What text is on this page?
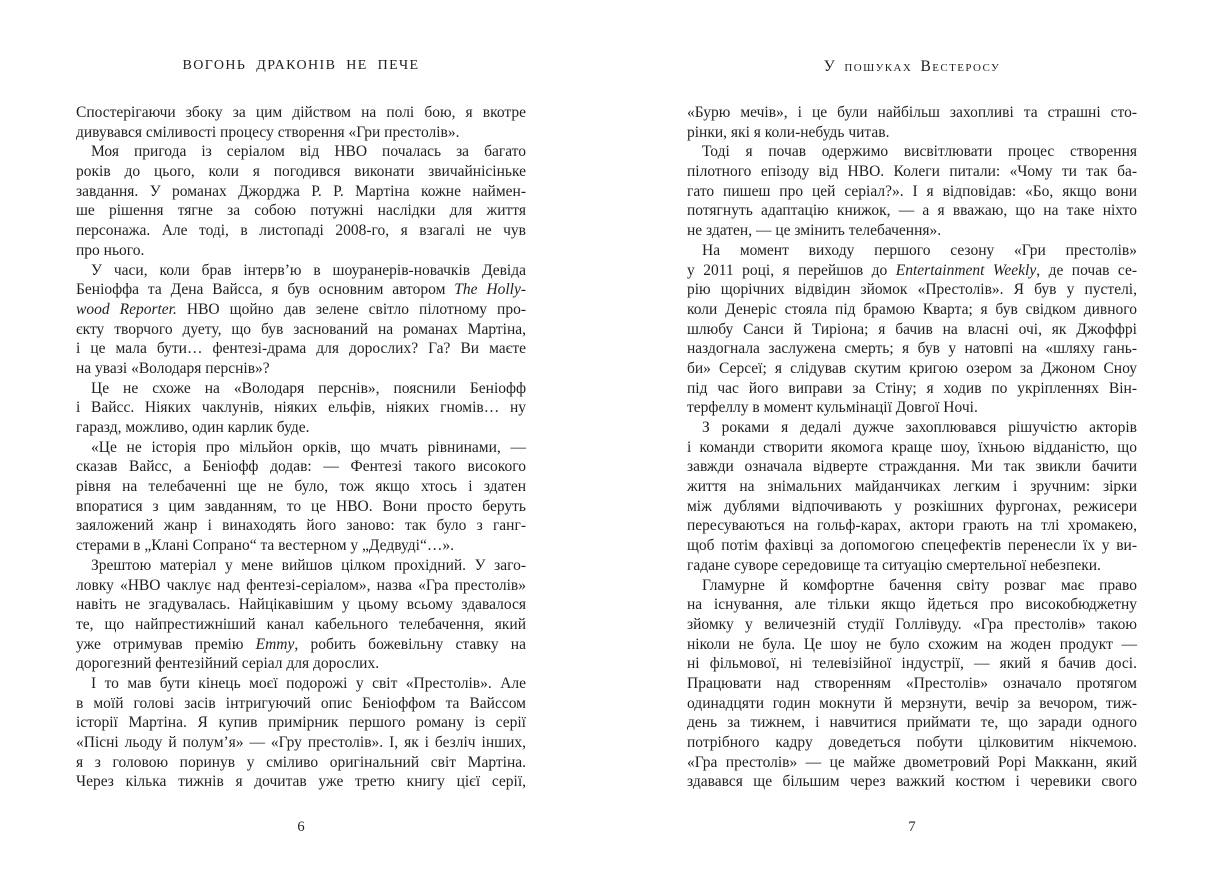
ВОГОНЬ ДРАКОНІВ НЕ ПЕЧЕ
Спостерігаючи збоку за цим дійством на полі бою, я вкотре
дивувався сміливості процесу створення «Гри престолів».
Моя пригода із серіалом від HBO почалась за багато
років до цього, коли я погодився виконати звичайнісіньке
завдання. У романах Джорджа Р. Р. Мартіна кожне наймен-
ше рішення тягне за собою потужні наслідки для життя
персонажа. Але тоді, в листопаді 2008-го, я взагалі не чув
про нього.
У часи, коли брав інтерв’ю в шоуранерів-новачків Девіда
Беніоффа та Дена Вайсса, я був основним автором The Holly-
wood Reporter. HBO щойно дав зелене світло пілотному про-
єкту творчого дуету, що був заснований на романах Мартіна,
і це мала бути… фентезі-драма для дорослих? Га? Ви маєте
на увазі «Володаря перснів»?
Це не схоже на «Володаря перснів», пояснили Беніофф
і Вайсс. Ніяких чаклунів, ніяких ельфів, ніяких гномів… ну
гаразд, можливо, один карлик буде.
«Це не історія про мільйон орків, що мчать рівнинами, —
сказав Вайсс, а Беніофф додав: — Фентезі такого високого
рівня на телебаченні ще не було, тож якщо хтось і здатен
впоратися з цим завданням, то це HBO. Вони просто беруть
заяложений жанр і винаходять його заново: так було з ганг-
стерами в „Клані Сопрано“ та вестерном у „Дедвуді“…».
Зрештою матеріал у мене вийшов цілком прохідний. У заго-
ловку «HBO чаклує над фентезі-серіалом», назва «Гра престолів»
навіть не згадувалась. Найцікавішим у цьому всьому здавалося
те, що найпрестижніший канал кабельного телебачення, який
уже отримував премію Emmy, робить божевільну ставку на
дорогезний фентезійний серіал для дорослих.
І то мав бути кінець моєї подорожі у світ «Престолів». Але
в моїй голові засів інтригуючий опис Беніоффом та Вайссом
історії Мартіна. Я купив примірник першого роману із серії
«Пісні льоду й полум’я» — «Гру престолів». І, як і безліч інших,
я з головою поринув у сміливо оригінальний світ Мартіна.
Через кілька тижнів я дочитав уже третю книгу цієї серії,
6
У пошуках Вестеросу
«Бурю мечів», і це були найбільш захопливі та страшні сто-
рінки, які я коли-небудь читав.
Тоді я почав одержимо висвітлювати процес створення
пілотного епізоду від HBO. Колеги питали: «Чому ти так ба-
гато пишеш про цей серіал?». І я відповідав: «Бо, якщо вони
потягнуть адаптацію книжок, — а я вважаю, що на таке ніхто
не здатен, — це змінить телебачення».
На момент виходу першого сезону «Гри престолів»
у 2011 році, я перейшов до Entertainment Weekly, де почав се-
рію щорічних відвідин зйомок «Престолів». Я був у пустелі,
коли Денеріс стояла під брамою Кварта; я був свідком дивного
шлюбу Санси й Тиріона; я бачив на власні очі, як Джоффрі
наздогнала заслужена смерть; я був у натовпі на «шляху гань-
би» Серсеї; я слідував скутим кригою озером за Джоном Сноу
під час його виправи за Стіну; я ходив по укріпленнях Він-
терфеллу в момент кульмінації Довгої Ночі.
З роками я дедалі дужче захоплювався рішучістю акторів
і команди створити якомога краще шоу, їхньою відданістю, що
завжди означала відверте страждання. Ми так звикли бачити
життя на знімальних майданчиках легким і зручним: зірки
між дублями відпочивають у розкішних фургонах, режисери
пересуваються на гольф-карах, актори грають на тлі хромакею,
щоб потім фахівці за допомогою спецефектів перенесли їх у ви-
гадане суворе середовище та ситуацію смертельної небезпеки.
Гламурне й комфортне бачення світу розваг має право
на існування, але тільки якщо йдеться про високобюджетну
зйомку у величезній студії Голлівуду. «Гра престолів» такою
ніколи не була. Це шоу не було схожим на жоден продукт —
ні фільмової, ні телевізійної індустрії, — який я бачив досі.
Працювати над створенням «Престолів» означало протягом
одинадцяти годин мокнути й мерзнути, вечір за вечором, тиж-
день за тижнем, і навчитися приймати те, що заради одного
потрібного кадру доведеться побути цілковитим нікчемою.
«Гра престолів» — це майже двометровий Рорі Макканн, який
здавався ще більшим через важкий костюм і черевики свого
7
